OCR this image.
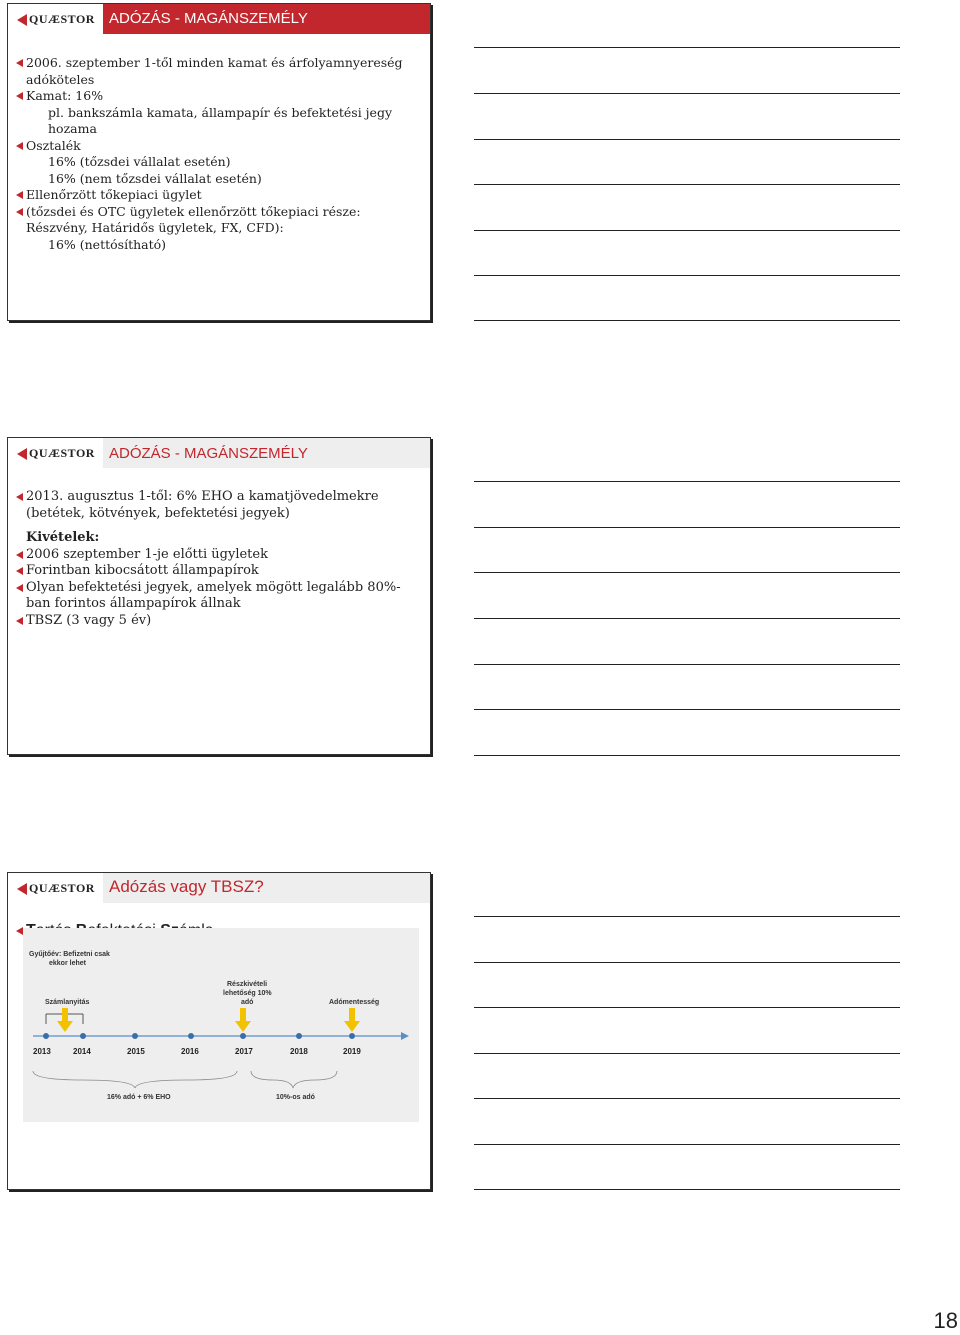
QUÆSTOR ADÓZÁS - MAGÁNSZEMÉLY
2006. szeptember 1-től minden kamat és árfolyamnyereség
adóköteles
Kamat: 16%
pl. bankszámla kamata, állampapír és befektetési jegy
hozama
Osztalék
16% (tőzsdei vállalat esetén)
16% (nem tőzsdei vállalat esetén)
Ellenőrzött tőkepiaci ügylet
(tőzsdei és OTC ügyletek ellenőrzött tőkepiaci része:
Részvény, Határidős ügyletek, FX, CFD):
16% (nettósítható)
QUÆSTOR ADÓZÁS - MAGÁNSZEMÉLY
2013. augusztus 1-től: 6% EHO a kamatjövedelmekre
(betétek, kötvények, befektetési jegyek)
Kivételek:
2006 szeptember 1-je előtti ügyletek
Forintban kibocsátott állampapírok
Olyan befektetési jegyek, amelyek mögött legalább 80%-
ban forintos állampapírok állnak
TBSZ (3 vagy 5 év)
QUÆSTOR Adózás vagy TBSZ?
Tartós Befektetési Számla
Gyűjtőév: Befizetni csak
ekkor lehet
Számlanyitás
Részkivételi
lehetőség 10%
adó	Adómentesség
2013	2014	2015	2016	2017	2018	2019
16% adó + 6% EHO	10%-os adó
18
